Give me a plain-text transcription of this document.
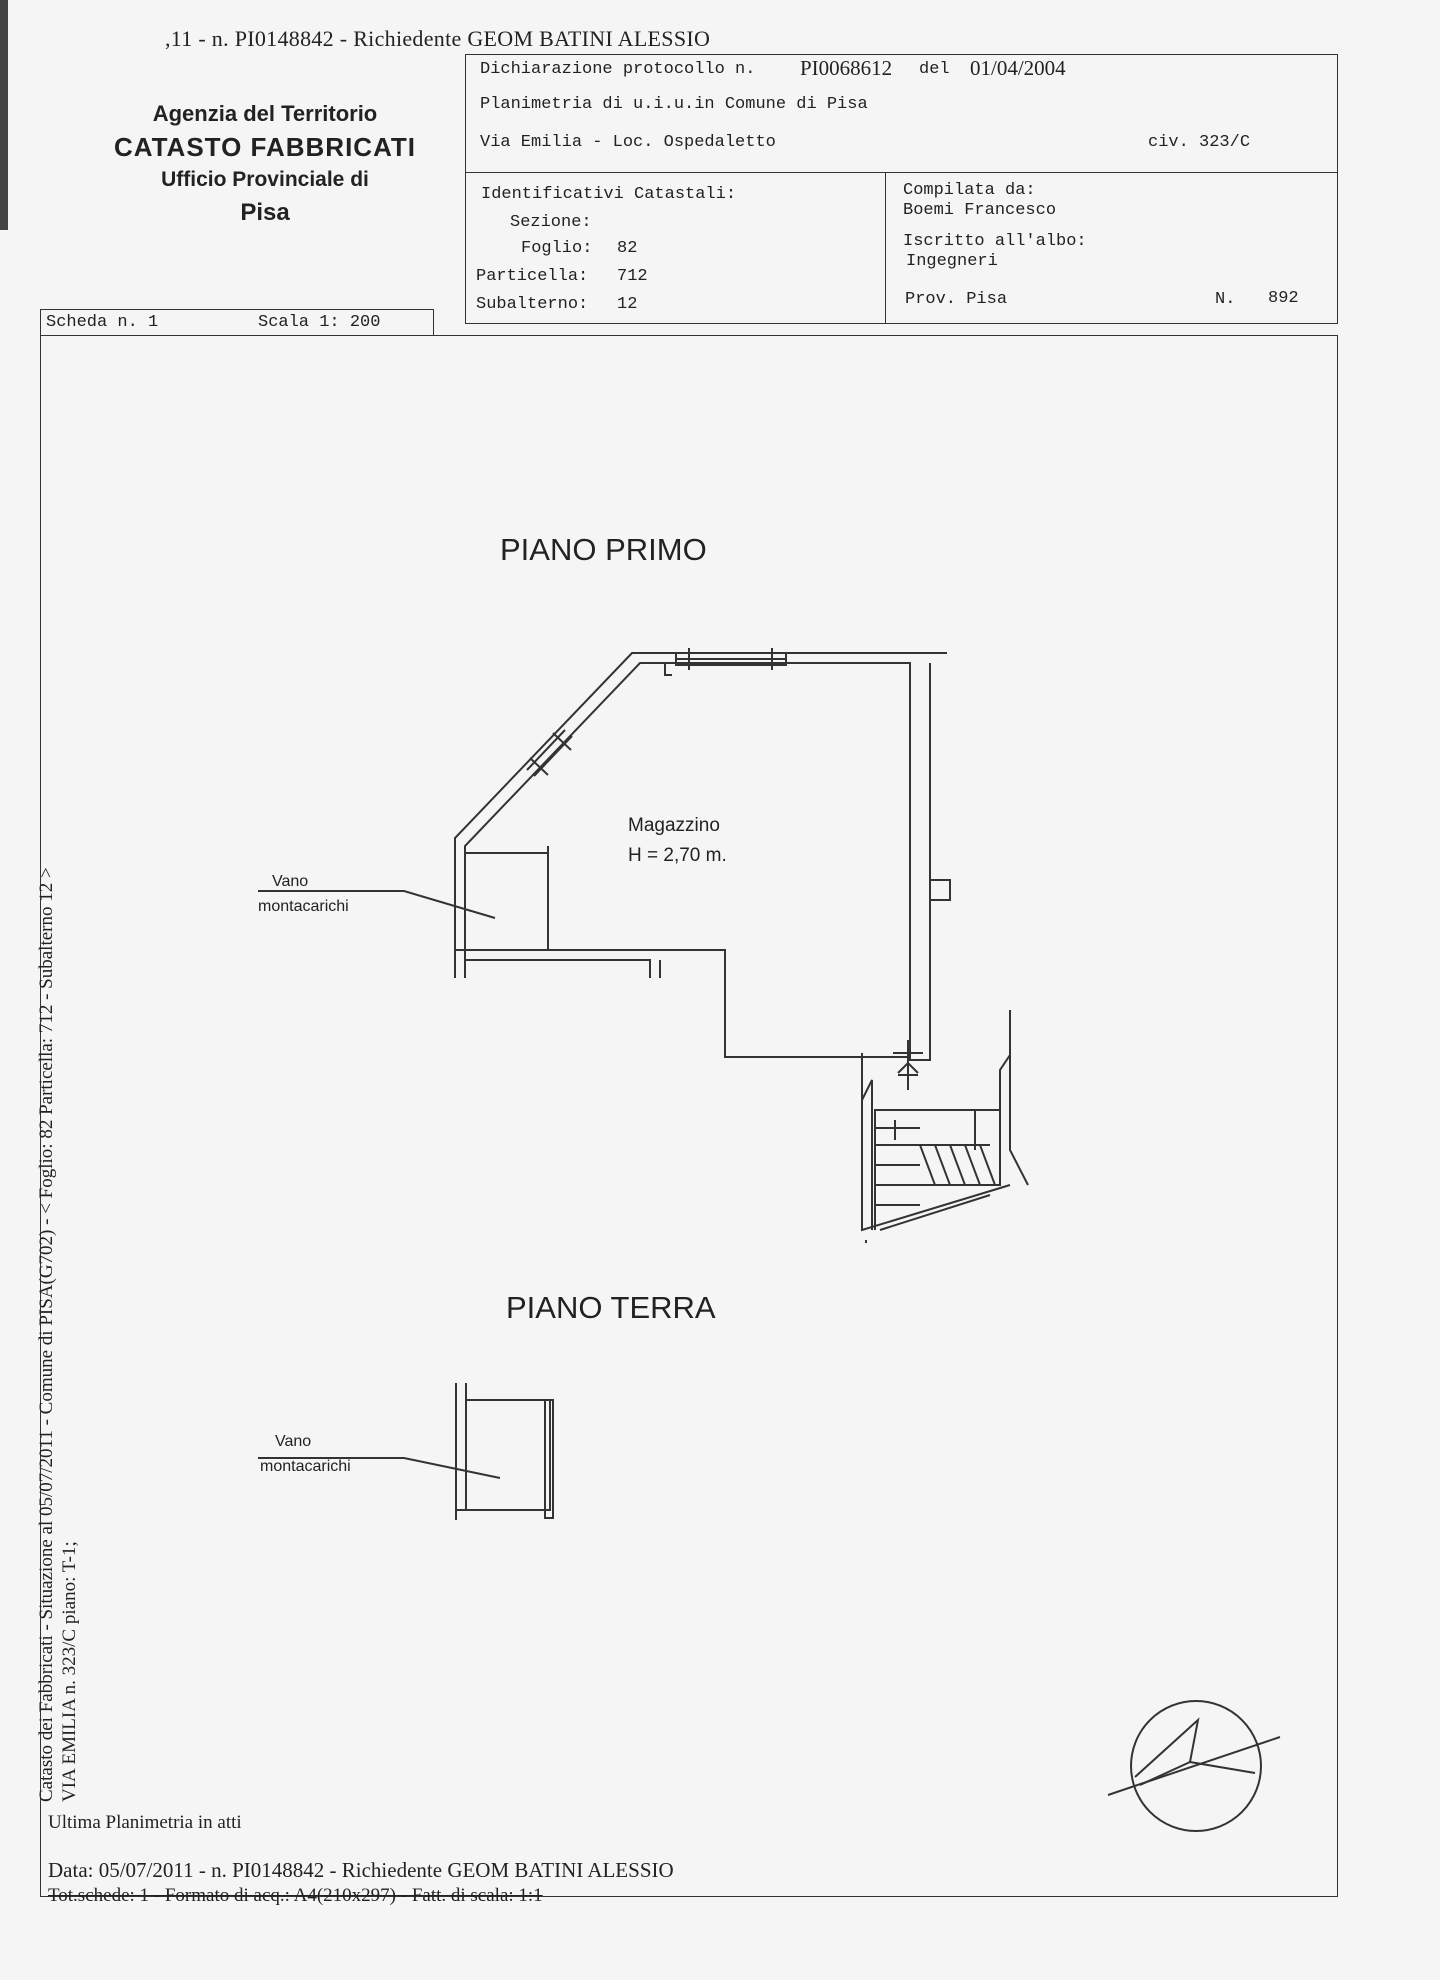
,11 - n. PI0148842 - Richiedente GEOM BATINI ALESSIO
Agenzia del Territorio
CATASTO FABBRICATI
Ufficio Provinciale di
Pisa
Dichiarazione protocollo n. PI0068612 del 01/04/2004
Planimetria di u.i.u.in Comune di Pisa
Via Emilia - Loc. Ospedaletto	civ. 323/C
Identificativi Catastali:
Sezione:
Foglio: 82
Particella: 712
Subalterno: 12
Compilata da:
Boemi Francesco
Iscritto all'albo:
Ingegneri
Prov. Pisa	N. 892
Scheda n. 1	Scala 1: 200
PIANO PRIMO
Magazzino
H = 2,70 m.
Vano
montacarichi
PIANO TERRA
Vano
montacarichi
Catasto dei Fabbricati - Situazione al 05/07/2011 - Comune di PISA(G702) - < Foglio: 82 Particella: 712 - Subalterno 12 > VIA EMILIA n. 323/C piano: T-1;
Ultima Planimetria in atti
Data: 05/07/2011 - n. PI0148842 - Richiedente GEOM BATINI ALESSIO
Tot.schede: 1 - Formato di acq.: A4(210x297) - Fatt. di scala: 1:1
